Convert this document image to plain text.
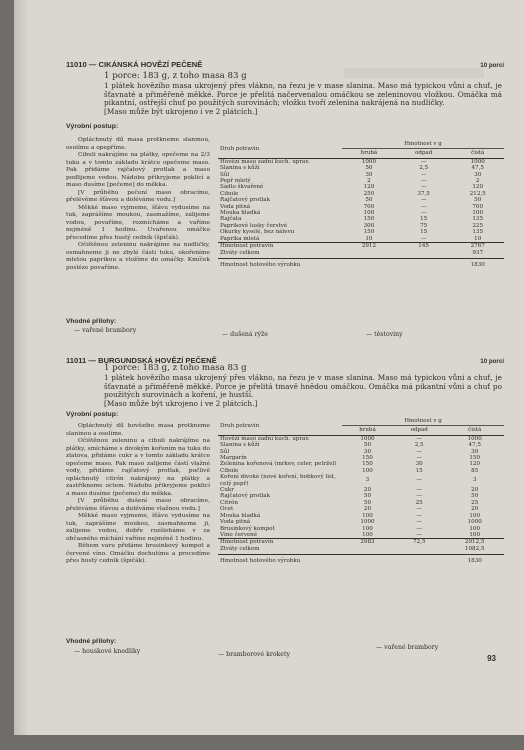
11010 — CIKÁNSKÁ HOVĚZÍ PEČENĚ	10 porcí
1 porce: 183 g, z toho masa 83 g
1 plátek hovězího masa ukrojený přes vlákno, na řezu je v mase slanina. Maso má typickou vůni a chuť, je šťavnaté a přiměřeně měkké. Porce je přelitá načervenalou omáčkou se zeleninovou vložkou. Omáčka má pikantní, ostřejší chuť po použitých surovinách; vložku tvoří zelenina nakrájená na nudličky.
[Maso může být ukrojeno i ve 2 plátcích.]
Výrobní postup:

Opláchnutý díl masa protkneme slaninou, osolíme a opepříme.

Cibuli nakrájíme na plátky, opečeme na 2/3 tuku a v tomto základu krátce opečeme maso. Pak přidáme rajčatový protlak a maso podlijeme vodou. Nádobu přikryjeme poklicí a maso dusíme [pečeme] do měkka.

[V průběhu pečení maso obracíme, přelévéme šťávou a doléváme vodu.]

Měkké maso vyjmeme, šťávu vydusíme na tuk, zaprášíme moukou, zasmažíme, zalijeme vodou, povaříme, rozmícháme a vaříme nejméně 1 hodinu. Uvařenou omáčku přecedíme přes hustý cedník (špičák).

Očištěnou zeleninu nakrájíme na nudličky, osmahneme ji ne zbylé části tuku, okořeníme mletou paprikou a vložíme do omáčky. Kmíček posléze povaříme.

Druh potravin	Hmotnost v g		
	hrubá	odpad	čistá
Hovězí maso zadní kuch. uprav.	1000	—	1000
Slanina s kůží	50	2,5	47,5
Sůl	30	—	30
Pepř mletý	2	—	2
Sádlo škvařené	120	—	120
Cibule	250	37,5	212,5
Rajčatový protlak	50	—	50
Voda pitná	700	—	700
Mouka hladká	100	—	100
Rajčata	150	15	135
Paprikové lusky čerstvé	300	75	225
Okurky kyselé, bez nálevu	150	15	135
Paprika mletá	10	—	10
Hmotnost potravin	2912	145	2767
Ztráty celkem			937
Hmotnost hotového výrobku			1830
Vhodné přílohy:
— vařené brambory
— dušená rýže	— těstoviny
11011 — BURGUNDSKÁ HOVĚZÍ PEČENĚ	10 porcí
1 porce: 183 g, z toho masa 83 g
1 plátek hovězího masa ukrojený přes vlákno, na řezu je v mase slanina. Maso má typickou vůni a chuť, je šťavnaté a přiměřeně měkké. Porce je přelitá tmavě hnědou omáčkou. Omáčka má pikantní vůni a chuť po použitých surovinách a koření, je hustší.
[Maso může být ukrojeno i ve 2 plátcích.]
Výrobní postup:

Opláchnutý díl hovězího masa protkneme slaninou a osolíme.

Očištěnou zeleninu a cibuli nakrájíme na plátky, smícháme s divokým kořením na tuku do zlatova, přidáme cukr a v tomto základu krátce opečeme maso. Pak maso zalijeme částí vlažné vody, přidáme rajčatový protlak, počlivě opláchnutý citrón nakrájený na plátky a zastříkneme octem. Nádobu přikryjeme poklicí a maso dusíme (pečeme) do měkka.

[V průběhu dušení maso obracíme, přeléváme šťávou a doléváme vlažnou vodu.]

Měkké maso vyjmeme, šťávu vydusíme na tuk, zaprášíme moukou, zasmahneme ji, zalijeme vodou, dobře rozšleháme v za občasného míchání vaříme nejméně 1 hodinu.

Během varu přidáme brusinkový kompot a červené víno. Omáčku dochutíme a procedíme přes hustý cedník (špičák).

Druh potravin	Hmotnost v g		
	hrubá	odpad	čistá
Hovězí maso zadní kuch. uprav.	1000	—	1000
Slanina s kůží	50	2,5	47,5
Sůl	30	—	30
Margarín	150	—	150
Zelenina kořenová (mrkev, celer, petržel)	150	30	120
Cibule	100	15	85
Koření divoké (nové koření, bobkový list, celý pepř)	3	—	3
Cukr	20	—	20
Rajčatový protlak	50	—	50
Citrón	50	25	25
Ocet	20	—	20
Mouka hladká	100	—	100
Voda pitná	1000	—	1000
Brusinkový kompot	100	—	100
Víno červené	100	—	100
Hmotnost potravin	2983	72,5	2912,5
Ztráty celkem			1082,5
Hmotnost hotového výrobku			1830
Vhodné přílohy:
— houskové knedlíky	— bramborové krokety
— vařené brambory
93
